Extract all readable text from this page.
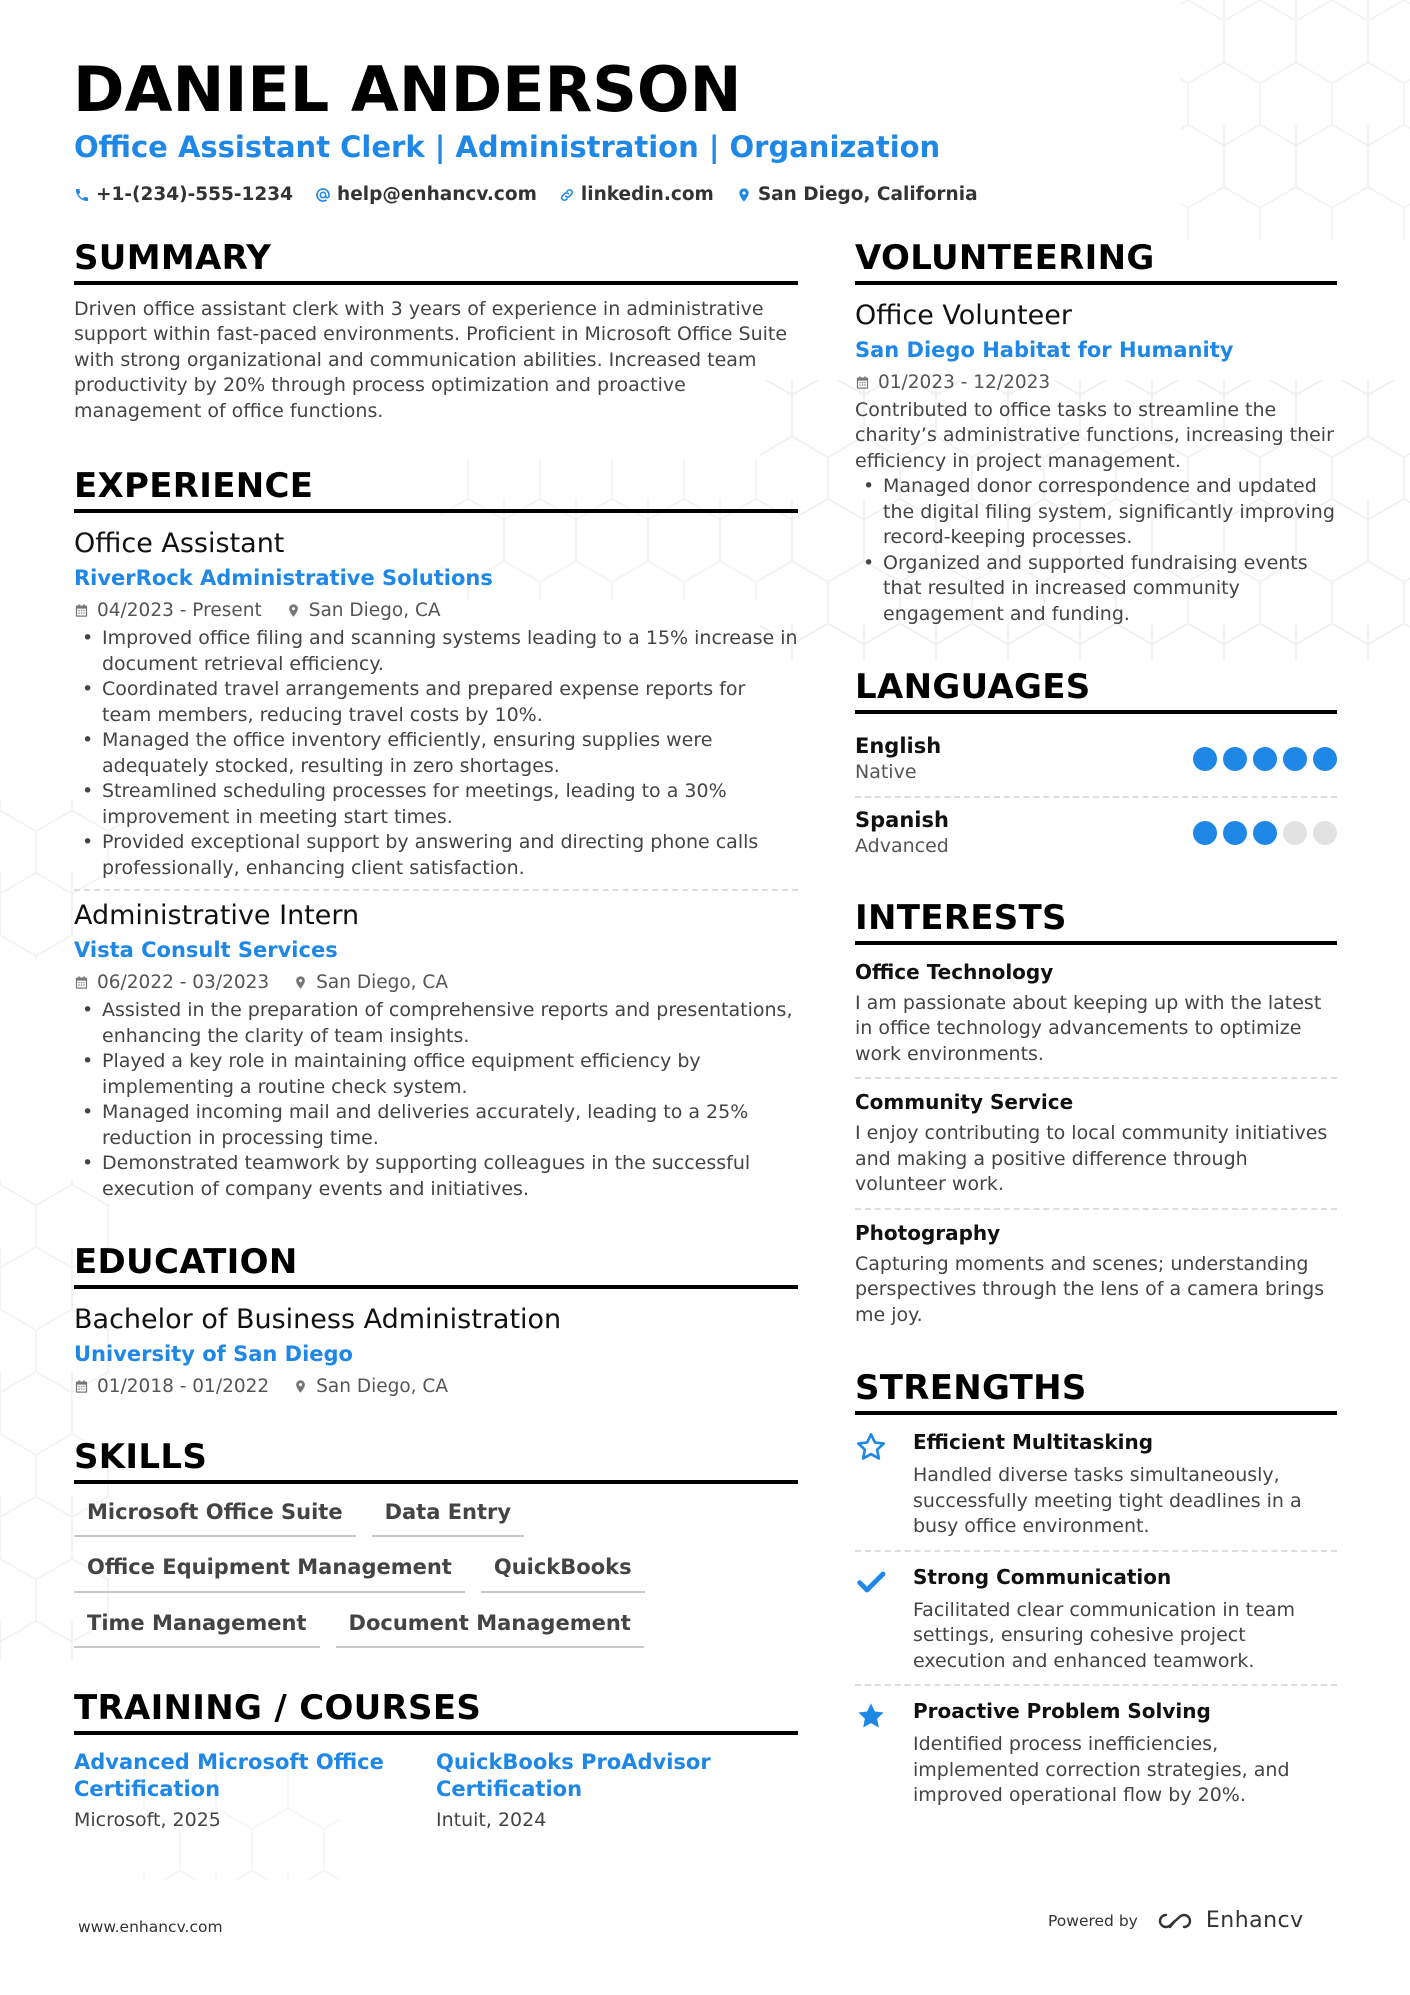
DANIEL ANDERSON
Office Assistant Clerk | Administration | Organization
+1-(234)-555-1234 help@enhancv.com linkedin.com San Diego, California
SUMMARY

Driven office assistant clerk with 3 years of experience in administrative support within fast-paced environments. Proficient in Microsoft Office Suite with strong organizational and communication abilities. Increased team productivity by 20% through process optimization and proactive management of office functions.

EXPERIENCE
Office Assistant
RiverRock Administrative Solutions
04/2023 - Present	San Diego, CA
• Improved office filing and scanning systems leading to a 15% increase in document retrieval efficiency.
• Coordinated travel arrangements and prepared expense reports for team members, reducing travel costs by 10%.
• Managed the office inventory efficiently, ensuring supplies were adequately stocked, resulting in zero shortages.
• Streamlined scheduling processes for meetings, leading to a 30% improvement in meeting start times.
• Provided exceptional support by answering and directing phone calls professionally, enhancing client satisfaction.
Administrative Intern
Vista Consult Services
06/2022 - 03/2023	San Diego, CA
• Assisted in the preparation of comprehensive reports and presentations, enhancing the clarity of team insights.
• Played a key role in maintaining office equipment efficiency by implementing a routine check system.
• Managed incoming mail and deliveries accurately, leading to a 25% reduction in processing time.
• Demonstrated teamwork by supporting colleagues in the successful execution of company events and initiatives.
EDUCATION
Bachelor of Business Administration
University of San Diego
01/2018 - 01/2022	San Diego, CA
SKILLS
Microsoft Office Suite	Data Entry
Office Equipment Management	QuickBooks
Time Management	Document Management
TRAINING / COURSES
Advanced Microsoft Office Certification
Microsoft, 2025
QuickBooks ProAdvisor Certification
Intuit, 2024
VOLUNTEERING
Office Volunteer
San Diego Habitat for Humanity
01/2023 - 12/2023

Contributed to office tasks to streamline the charity’s administrative functions, increasing their efficiency in project management.

• Managed donor correspondence and updated the digital filing system, significantly improving record-keeping processes.
• Organized and supported fundraising events that resulted in increased community engagement and funding.
LANGUAGES
English
Native
Spanish
Advanced
INTERESTS
Office Technology
I am passionate about keeping up with the latest in office technology advancements to optimize work environments.
Community Service
I enjoy contributing to local community initiatives and making a positive difference through volunteer work.
Photography
Capturing moments and scenes; understanding perspectives through the lens of a camera brings me joy.
STRENGTHS
Efficient Multitasking
Handled diverse tasks simultaneously, successfully meeting tight deadlines in a busy office environment.
Strong Communication
Facilitated clear communication in team settings, ensuring cohesive project execution and enhanced teamwork.
Proactive Problem Solving
Identified process inefficiencies, implemented correction strategies, and improved operational flow by 20%.
www.enhancv.com	Powered by	Enhancv
